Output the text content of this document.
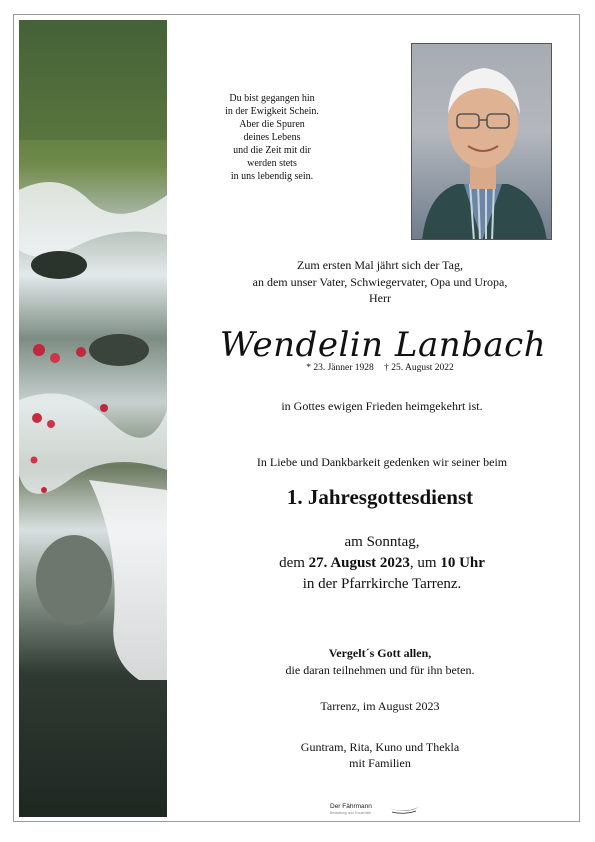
Du bist gegangen hin
in der Ewigkeit Schein.
Aber die Spuren
deines Lebens
und die Zeit mit dir
werden stets
in uns lebendig sein.
Zum ersten Mal jährt sich der Tag,
an dem unser Vater, Schwiegervater, Opa und Uropa,
Herr
Wendelin Lanbach
* 23. Jänner 1928 † 25. August 2022
in Gottes ewigen Frieden heimgekehrt ist.
In Liebe und Dankbarkeit gedenken wir seiner beim
1. Jahresgottesdienst
am Sonntag,
dem 27. August 2023, um 10 Uhr
in der Pfarrkirche Tarrenz.
Vergelt´s Gott allen,
die daran teilnehmen und für ihn beten.
Tarrenz, im August 2023
Guntram, Rita, Kuno und Thekla
mit Familien
Der Fährmann
Bestattung und Trauerhilfe
